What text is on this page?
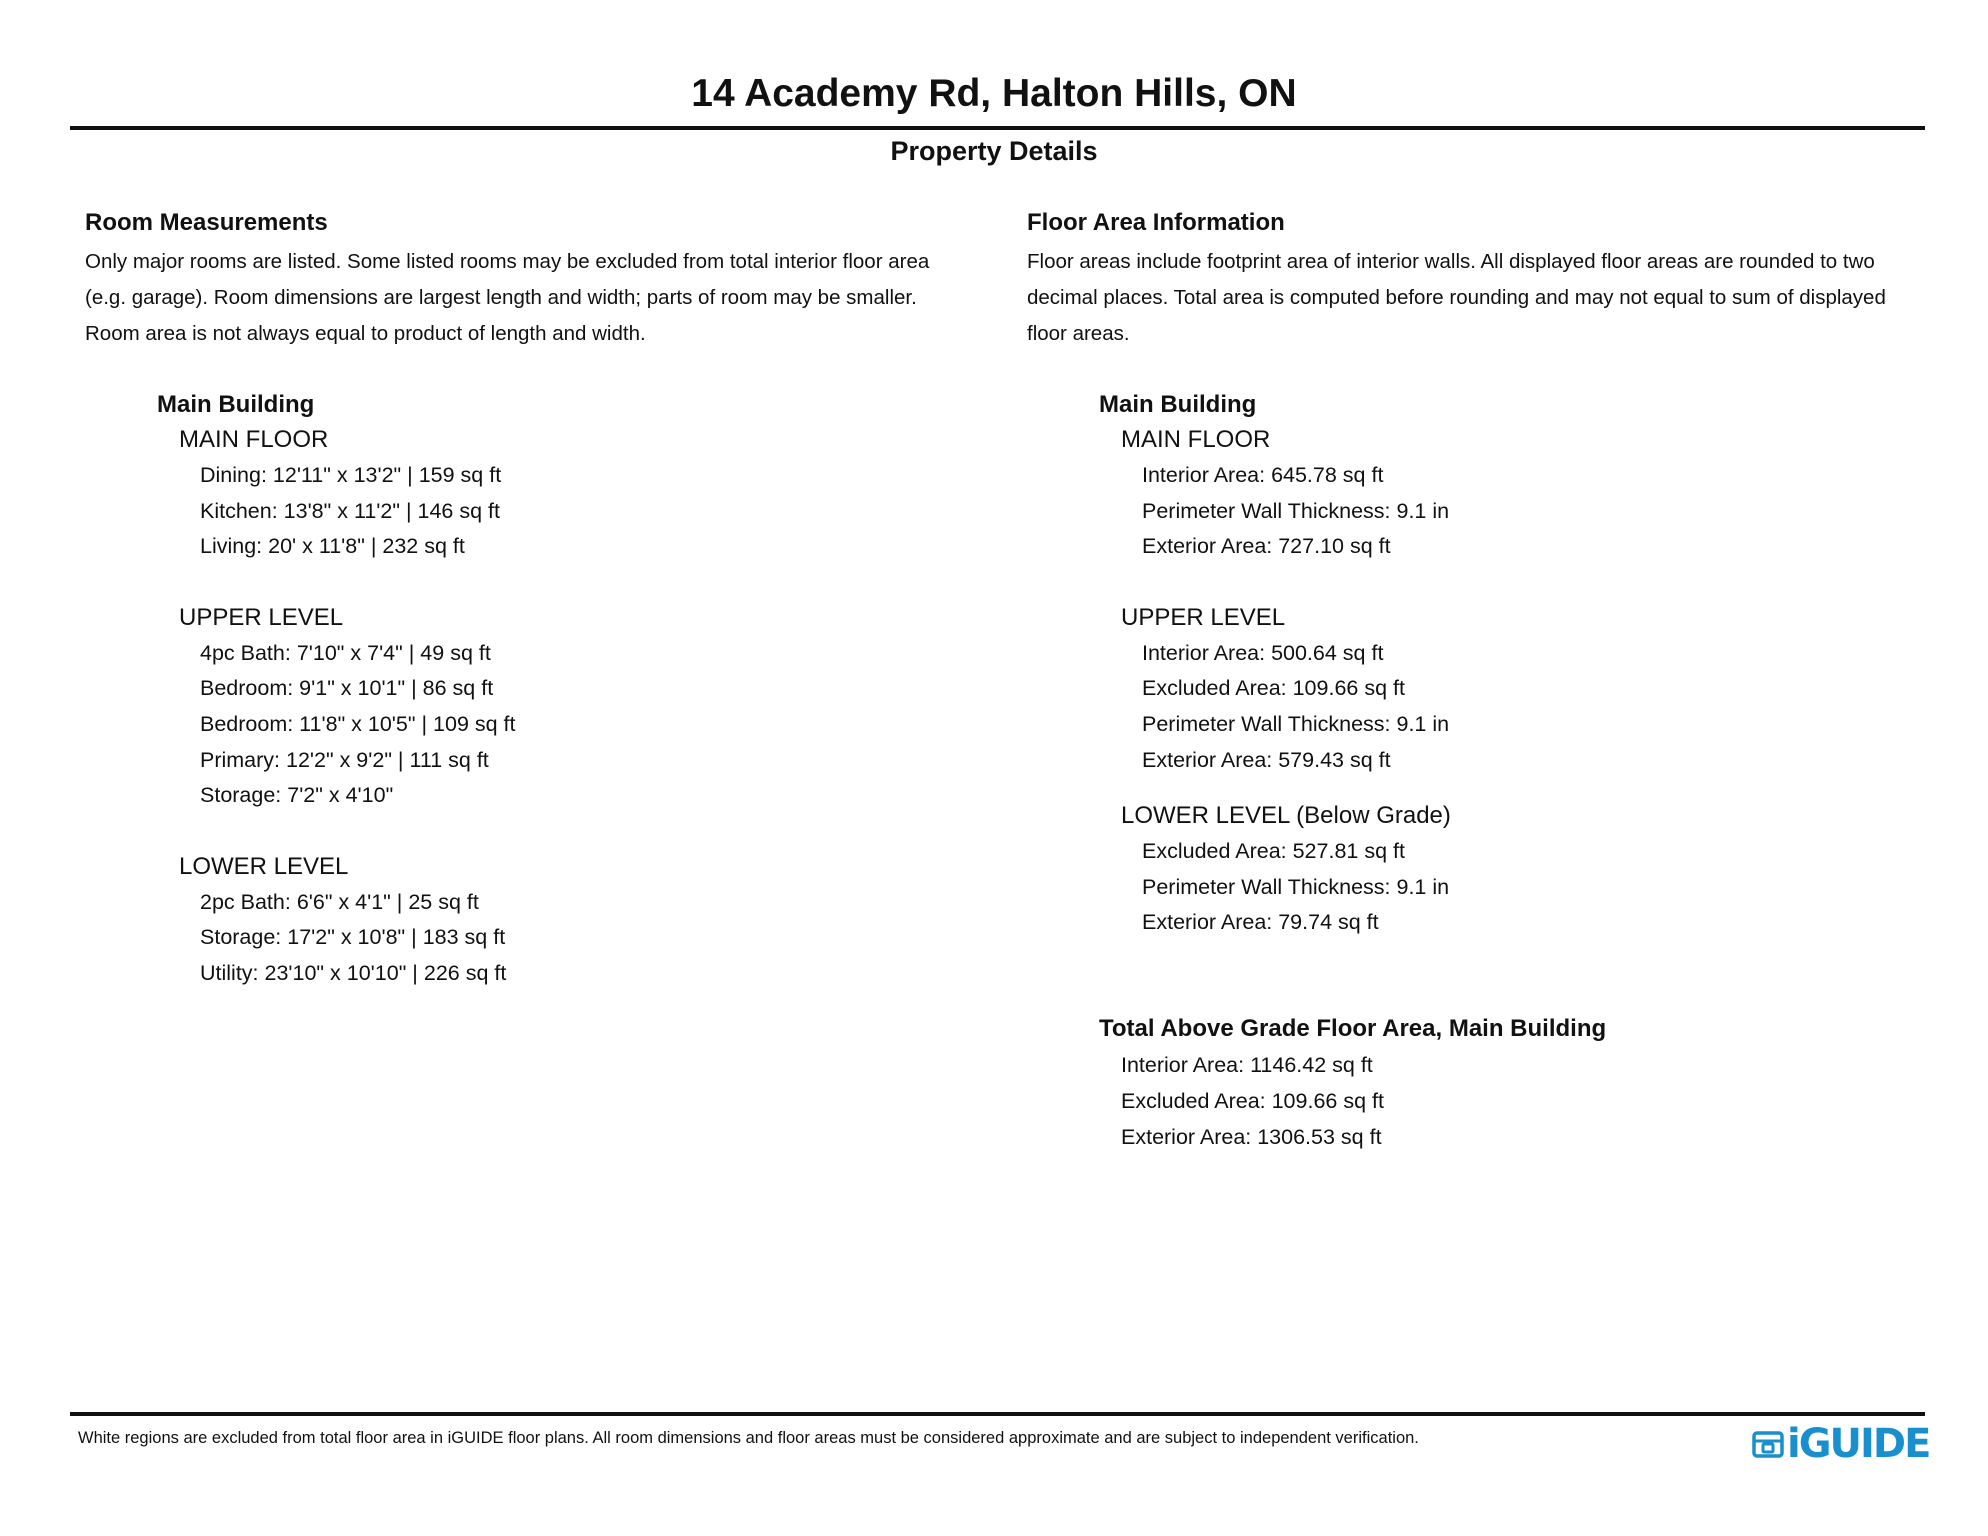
14 Academy Rd, Halton Hills, ON
Property Details
Room Measurements
Only major rooms are listed. Some listed rooms may be excluded from total interior floor area
(e.g. garage). Room dimensions are largest length and width; parts of room may be smaller.
Room area is not always equal to product of length and width.
Main Building
MAIN FLOOR
Dining: 12'11" x 13'2" | 159 sq ft
Kitchen: 13'8" x 11'2" | 146 sq ft
Living: 20' x 11'8" | 232 sq ft
UPPER LEVEL
4pc Bath: 7'10" x 7'4" | 49 sq ft
Bedroom: 9'1" x 10'1" | 86 sq ft
Bedroom: 11'8" x 10'5" | 109 sq ft
Primary: 12'2" x 9'2" | 111 sq ft
Storage: 7'2" x 4'10"
LOWER LEVEL
2pc Bath: 6'6" x 4'1" | 25 sq ft
Storage: 17'2" x 10'8" | 183 sq ft
Utility: 23'10" x 10'10" | 226 sq ft
Floor Area Information
Floor areas include footprint area of interior walls. All displayed floor areas are rounded to two
decimal places. Total area is computed before rounding and may not equal to sum of displayed
floor areas.
Main Building
MAIN FLOOR
Interior Area: 645.78 sq ft
Perimeter Wall Thickness: 9.1 in
Exterior Area: 727.10 sq ft
UPPER LEVEL
Interior Area: 500.64 sq ft
Excluded Area: 109.66 sq ft
Perimeter Wall Thickness: 9.1 in
Exterior Area: 579.43 sq ft
LOWER LEVEL (Below Grade)
Excluded Area: 527.81 sq ft
Perimeter Wall Thickness: 9.1 in
Exterior Area: 79.74 sq ft
Total Above Grade Floor Area, Main Building
Interior Area: 1146.42 sq ft
Excluded Area: 109.66 sq ft
Exterior Area: 1306.53 sq ft
White regions are excluded from total floor area in iGUIDE floor plans. All room dimensions and floor areas must be considered approximate and are subject to independent verification.	iGUIDE
